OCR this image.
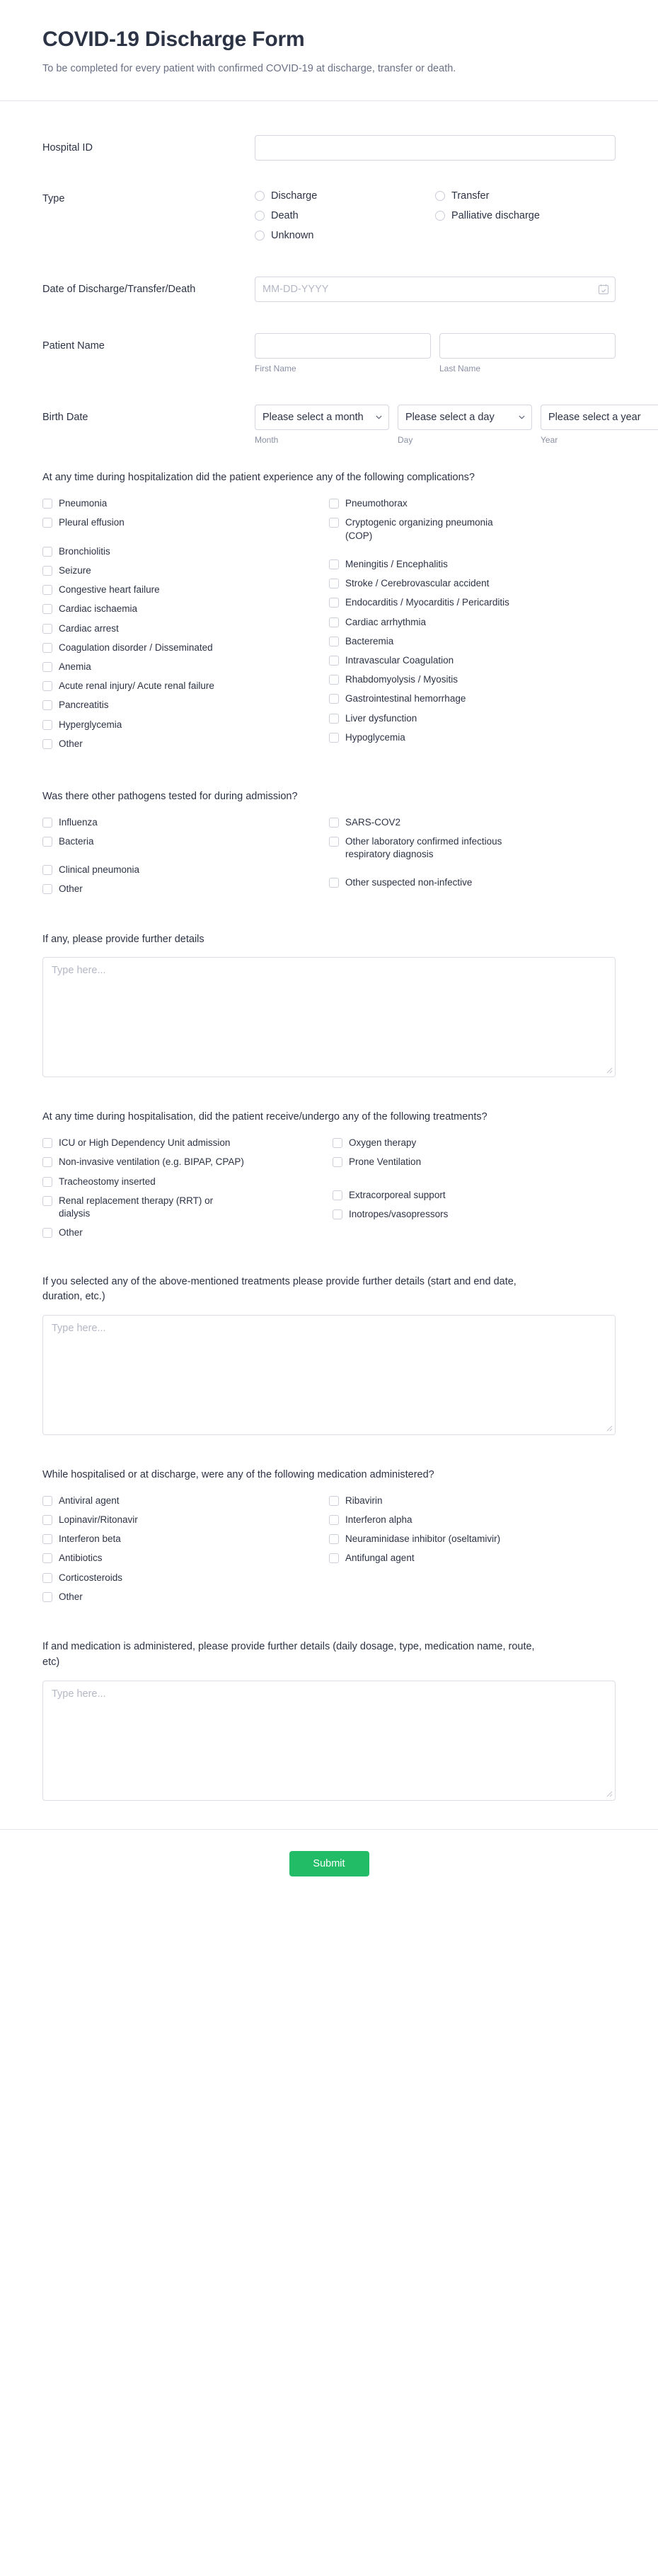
COVID-19 Discharge Form
To be completed for every patient with confirmed COVID-19 at discharge, transfer or death.
Hospital ID
Type	Discharge
Death
Unknown
Transfer
Palliative discharge
Date of Discharge/Transfer/Death
MM-DD-YYYY
Patient Name
First Name	Last Name
Birth Date	Please select a month
Month
Please select a day
Day
Please select a year
Year
At any time during hospitalization did the patient experience any of the following complications?
Pneumonia
Pleural effusion
Bronchiolitis
Seizure
Congestive heart failure
Cardiac ischaemia
Cardiac arrest
Coagulation disorder / Disseminated
Anemia
Acute renal injury/ Acute renal failure
Pancreatitis
Hyperglycemia
Other
Pneumothorax
Cryptogenic organizing pneumonia (COP)
Meningitis / Encephalitis
Stroke / Cerebrovascular accident
Endocarditis / Myocarditis / Pericarditis
Cardiac arrhythmia
Bacteremia
Intravascular Coagulation
Rhabdomyolysis / Myositis
Gastrointestinal hemorrhage
Liver dysfunction
Hypoglycemia
Was there other pathogens tested for during admission?
Influenza
Bacteria
Clinical pneumonia
Other
SARS-COV2
Other laboratory confirmed infectious respiratory diagnosis
Other suspected non-infective
If any, please provide further details
Type here...
At any time during hospitalisation, did the patient receive/undergo any of the following treatments?
ICU or High Dependency Unit admission
Non-invasive ventilation (e.g. BIPAP, CPAP)
Tracheostomy inserted
Renal replacement therapy (RRT) or dialysis
Other
Oxygen therapy
Prone Ventilation
Extracorporeal support
Inotropes/vasopressors
If you selected any of the above-mentioned treatments please provide further details (start and end date, duration, etc.)
Type here...
While hospitalised or at discharge, were any of the following medication administered?
Antiviral agent
Lopinavir/Ritonavir
Interferon beta
Antibiotics
Corticosteroids
Other
Ribavirin
Interferon alpha
Neuraminidase inhibitor (oseltamivir)
Antifungal agent
If and medication is administered, please provide further details (daily dosage, type, medication name, route, etc)
Type here...
Submit
